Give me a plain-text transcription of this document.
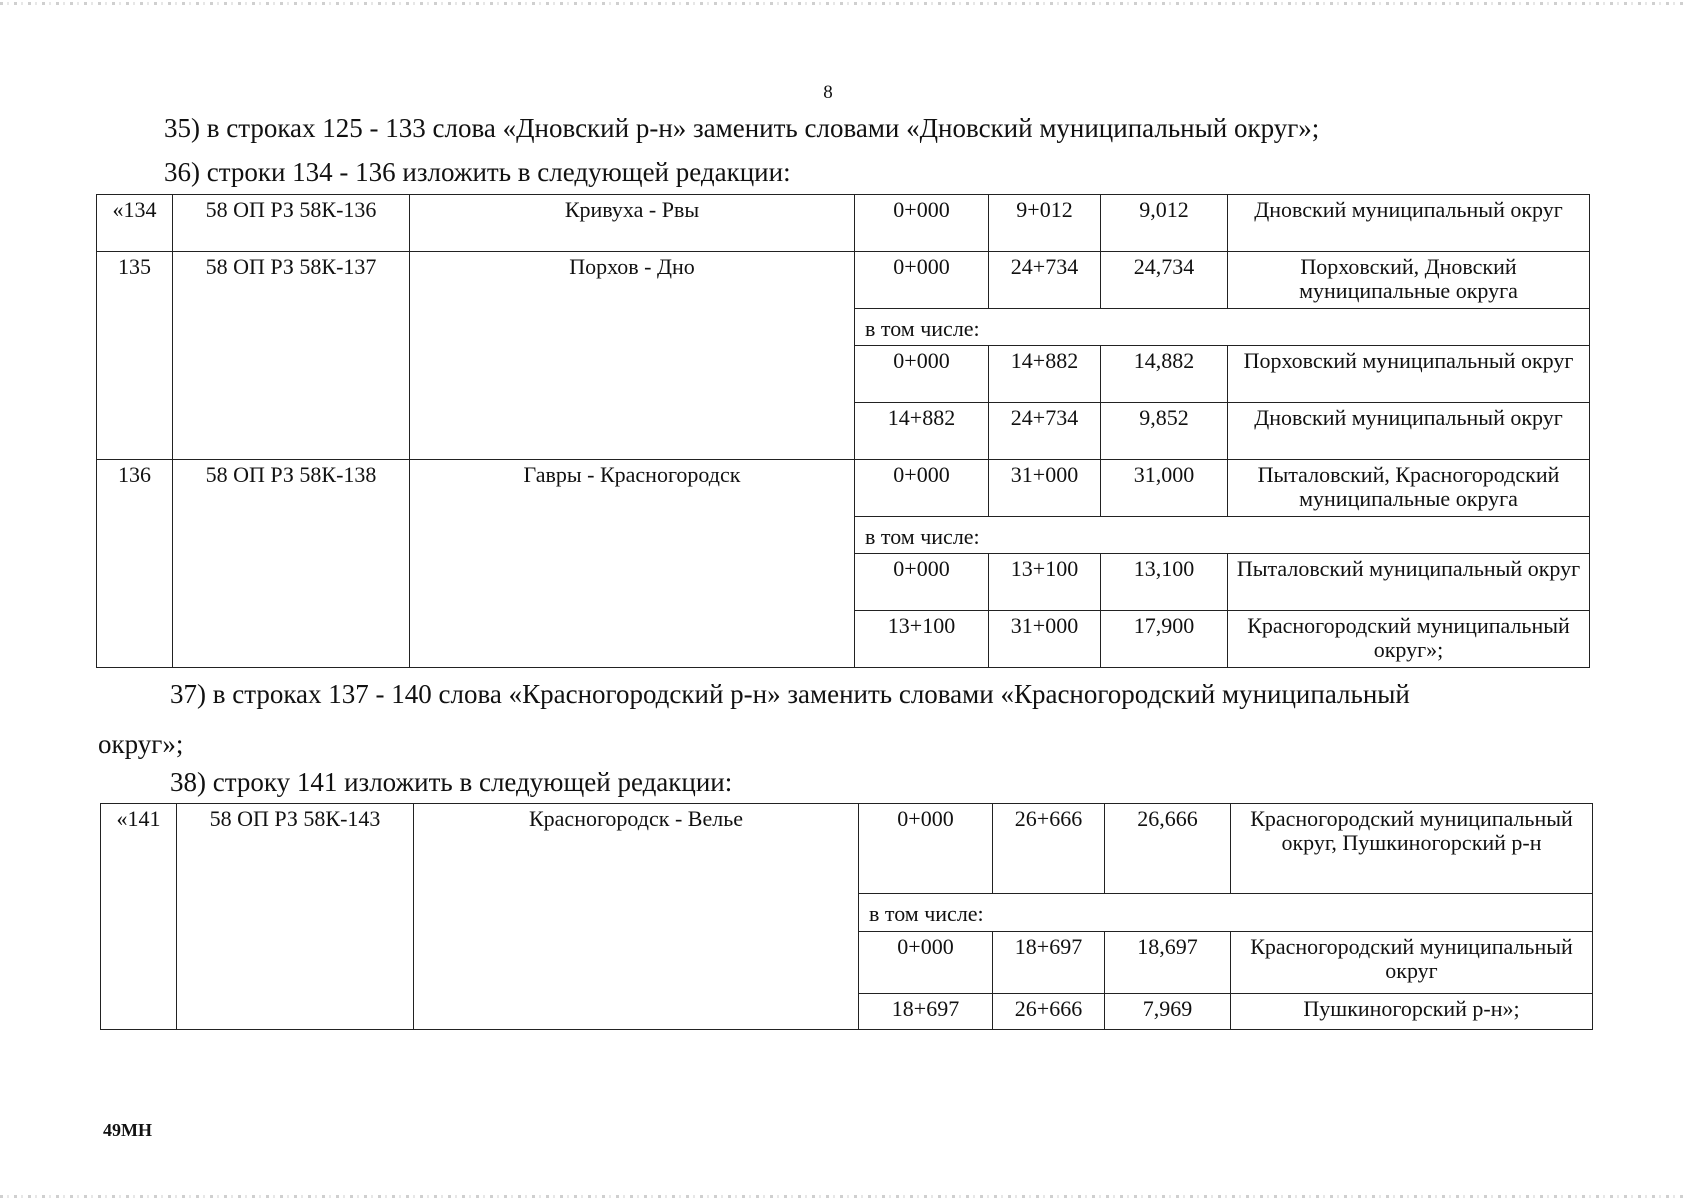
8
35) в строках 125 - 133 слова «Дновский р-н» заменить словами «Дновский муниципальный округ»;
36) строки 134 - 136 изложить в следующей редакции:
«134	58 ОП РЗ 58К-136	Кривуха - Рвы	0+000	9+012	9,012	Дновский муниципальный округ
135	58 ОП РЗ 58К-137	Порхов - Дно	0+000	24+734	24,734	Порховский, Дновский муниципальные округа
			в том числе:			
			0+000	14+882	14,882	Порховский муниципальный округ
			14+882	24+734	9,852	Дновский муниципальный округ
136	58 ОП РЗ 58К-138	Гавры - Красногородск	0+000	31+000	31,000	Пыталовский, Красногородский муниципальные округа
			в том числе:			
			0+000	13+100	13,100	Пыталовский муниципальный округ
			13+100	31+000	17,900	Красногородский муниципальный округ»;
37) в строках 137 - 140 слова «Красногородский р-н» заменить словами «Красногородский муниципальный
округ»;
38) строку 141 изложить в следующей редакции:
«141	58 ОП РЗ 58К-143	Красногородск - Велье	0+000	26+666	26,666	Красногородский муниципальный округ, Пушкиногорский р-н
			в том числе:			
			0+000	18+697	18,697	Красногородский муниципальный округ
			18+697	26+666	7,969	Пушкиногорский р-н»;
49МН
